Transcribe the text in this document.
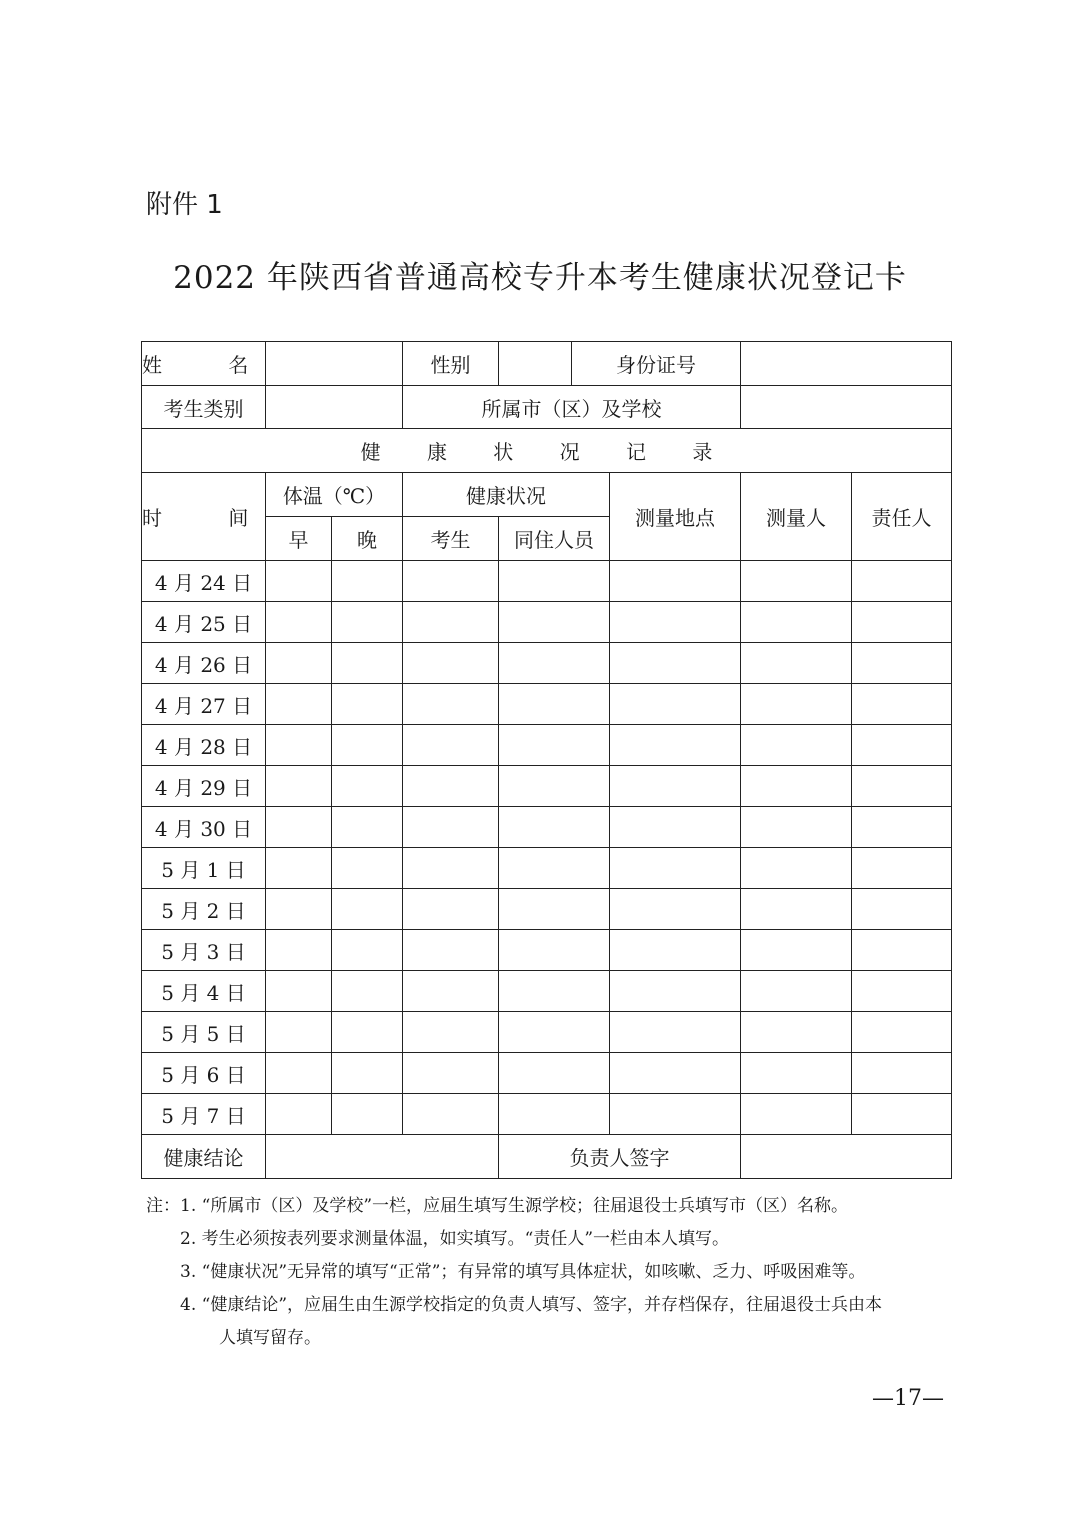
附件 1
2022 年陕西省普通高校专升本考生健康状况登记卡
姓 名			性别		身份证号			
考生类别			所属市（区）及学校					
健 康 状 况 记 录								
时 间	体温（℃）		健康状况			测量地点	测量人	责任人
	早	晚	考生	同住人员				
4 月 24 日								
4 月 25 日								
4 月 26 日								
4 月 27 日								
4 月 28 日								
4 月 29 日								
4 月 30 日								
5 月 1 日								
5 月 2 日								
5 月 3 日								
5 月 4 日								
5 月 5 日								
5 月 6 日								
5 月 7 日								
健康结论				负责人签字				
注：1. “所属市（区）及学校”一栏，应届生填写生源学校；往届退役士兵填写市（区）名称。
2. 考生必须按表列要求测量体温，如实填写。“责任人”一栏由本人填写。
3. “健康状况”无异常的填写“正常”；有异常的填写具体症状，如咳嗽、乏力、呼吸困难等。
4. “健康结论”，应届生由生源学校指定的负责人填写、签字，并存档保存，往届退役士兵由本
人填写留存。
—17—
